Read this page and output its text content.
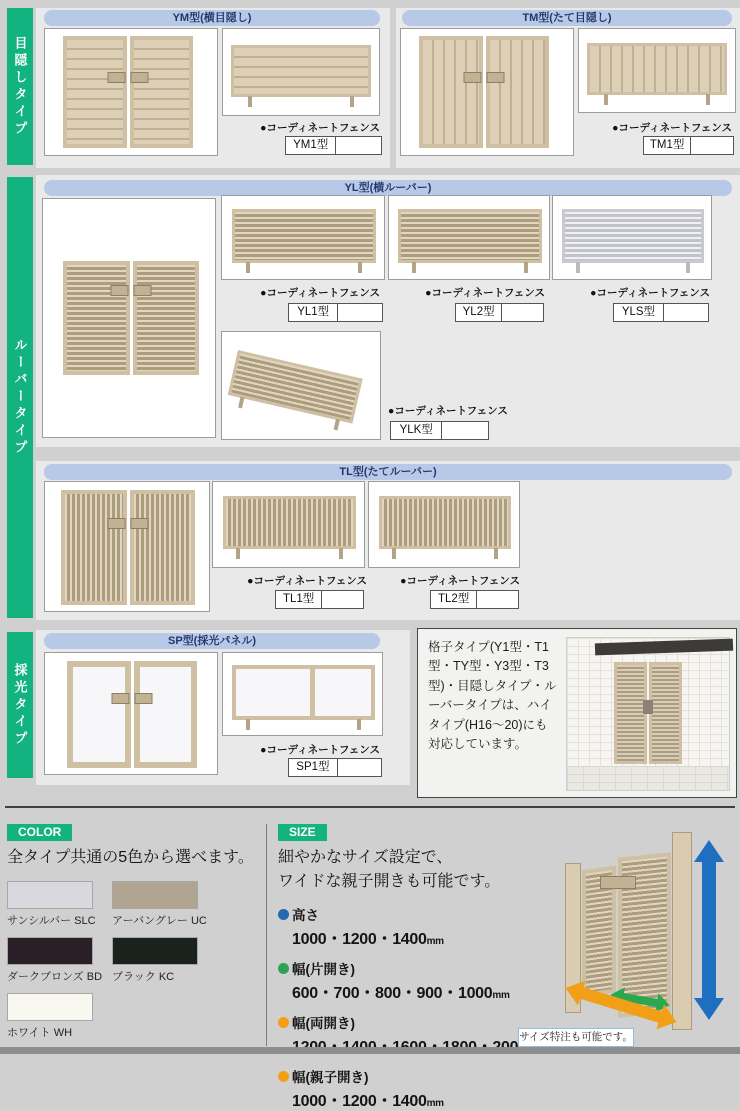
目隠しタイプ
YM型(横目隠し)
●コーディネートフェンス
YM1型
TM型(たて目隠し)
●コーディネートフェンス
TM1型
ルーバータイプ
YL型(横ルーバー)
●コーディネートフェンス
YL1型
●コーディネートフェンス
YL2型
●コーディネートフェンス
YLS型
●コーディネートフェンス
YLK型
TL型(たてルーバー)
●コーディネートフェンス
TL1型
●コーディネートフェンス
TL2型
採光タイプ
SP型(採光パネル)
●コーディネートフェンス
SP1型
格子タイプ(Y1型・T1型・TY型・Y3型・T3型)・目隠しタイプ・ルーバータイプは、ハイタイプ(H16〜20)にも対応しています。
COLOR
全タイプ共通の5色から選べます。
サンシルバー SLC アーバングレー UC
ダークブロンズ BD ブラック KC
ホワイト WH
SIZE
細やかなサイズ設定で、
ワイドな親子開きも可能です。
高さ
1000・1200・1400mm
幅(片開き)
600・700・800・900・1000mm
幅(両開き)
幅(親子開き)
1000・1200・1400mm
サイズ特注も可能です。
